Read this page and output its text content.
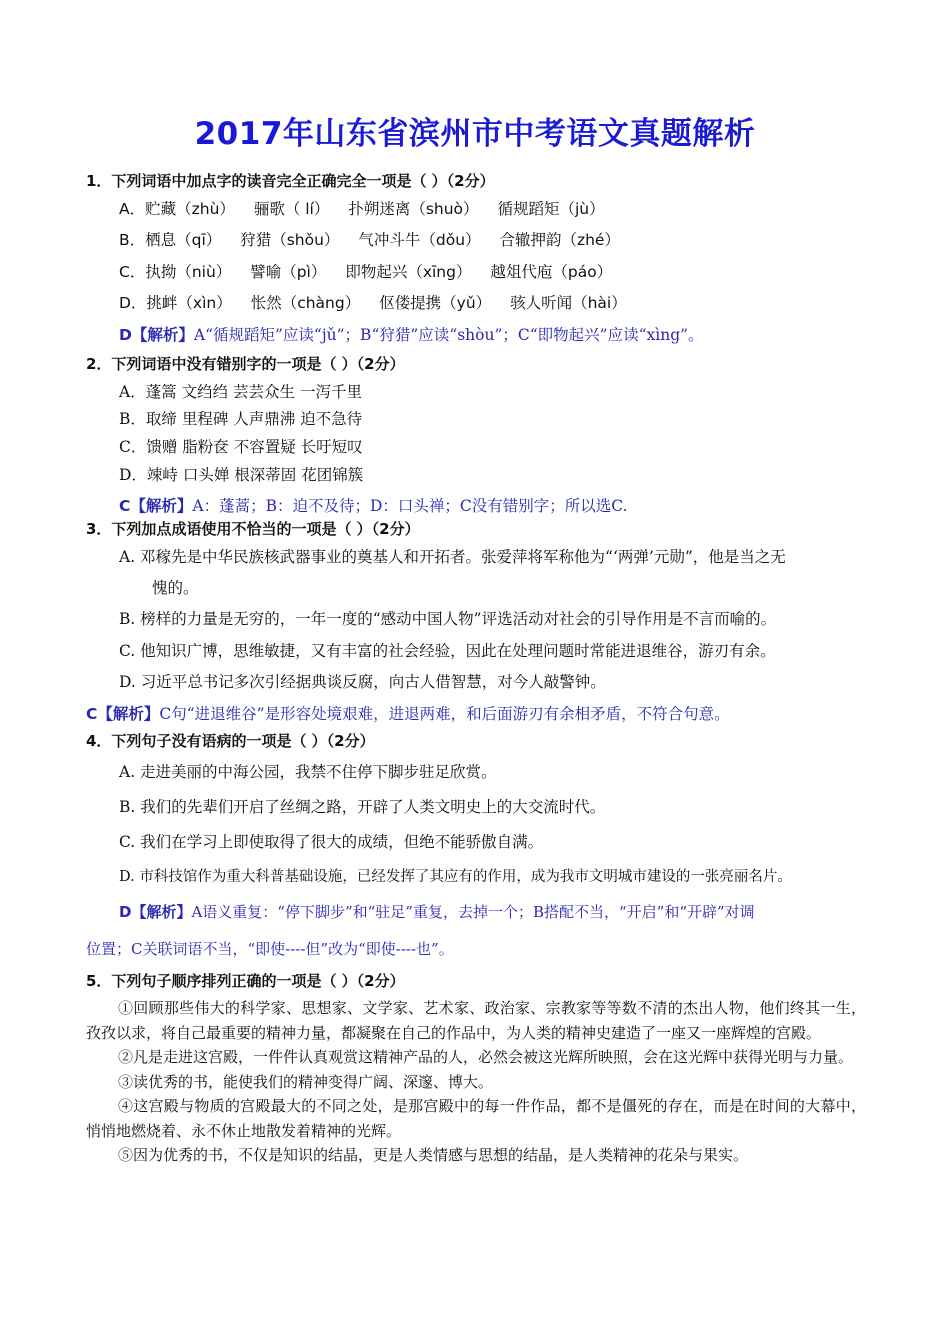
2017年山东省滨州市中考语文真题解析
1．下列词语中加点字的读音完全正确完全一项是（ ）（2分）
A．贮藏（zhù） 骊歌（ lí） 扑朔迷离（shuò） 循规蹈矩（jù）
B．栖息（qī） 狩猎（shǒu） 气冲斗牛（dǒu） 合辙押韵（zhé）
C．执拗（niù） 譬喻（pì） 即物起兴（xīng） 越俎代庖（páo）
D．挑衅（xìn） 怅然（chàng） 伛偻提携（yǔ） 骇人听闻（hài）
D【解析】A“循规蹈矩”应读“jǔ”；B“狩猎”应读“shòu”；C“即物起兴”应读“xìng”。
2．下列词语中没有错别字的一项是（ ）（2分）
A．蓬篙 文绉绉 芸芸众生 一泻千里
B．取缔 里程碑 人声鼎沸 迫不急待
C．馈赠 脂粉奁 不容置疑 长吁短叹
D．竦峙 口头婵 根深蒂固 花团锦簇
C【解析】A：蓬蒿；B：迫不及待；D：口头禅；C没有错别字；所以选C.
3．下列加点成语使用不恰当的一项是（ ）（2分）
A. 邓稼先是中华民族核武器事业的奠基人和开拓者。张爱萍将军称他为“‘两弹’元勋”，他是当之无
愧的。
B. 榜样的力量是无穷的，一年一度的“感动中国人物”评选活动对社会的引导作用是不言而喻的。
C. 他知识广博，思维敏捷，又有丰富的社会经验，因此在处理问题时常能进退维谷，游刃有余。
D. 习近平总书记多次引经据典谈反腐，向古人借智慧，对今人敲警钟。
C【解析】C句“进退维谷”是形容处境艰难，进退两难，和后面游刃有余相矛盾，不符合句意。
4．下列句子没有语病的一项是（ ）（2分）
A. 走进美丽的中海公园，我禁不住停下脚步驻足欣赏。
B. 我们的先辈们开启了丝绸之路，开辟了人类文明史上的大交流时代。
C. 我们在学习上即使取得了很大的成绩，但绝不能骄傲自满。
D. 市科技馆作为重大科普基础设施，已经发挥了其应有的作用，成为我市文明城市建设的一张亮丽名片。
D【解析】A语义重复：“停下脚步”和“驻足”重复，去掉一个；B搭配不当，“开启”和“开辟”对调
位置；C关联词语不当，“即使----但”改为“即使----也”。
5．下列句子顺序排列正确的一项是（ ）（2分）

①回顾那些伟大的科学家、思想家、文学家、艺术家、政治家、宗教家等等数不清的杰出人物，他们终其一生，孜孜以求，将自己最重要的精神力量，都凝聚在自己的作品中，为人类的精神史建造了一座又一座辉煌的宫殿。

②凡是走进这宫殿，一件件认真观赏这精神产品的人，必然会被这光辉所映照，会在这光辉中获得光明与力量。

③读优秀的书，能使我们的精神变得广阔、深邃、博大。

④这宫殿与物质的宫殿最大的不同之处，是那宫殿中的每一件作品，都不是僵死的存在，而是在时间的大幕中，悄悄地燃烧着、永不休止地散发着精神的光辉。

⑤因为优秀的书，不仅是知识的结晶，更是人类情感与思想的结晶，是人类精神的花朵与果实。
